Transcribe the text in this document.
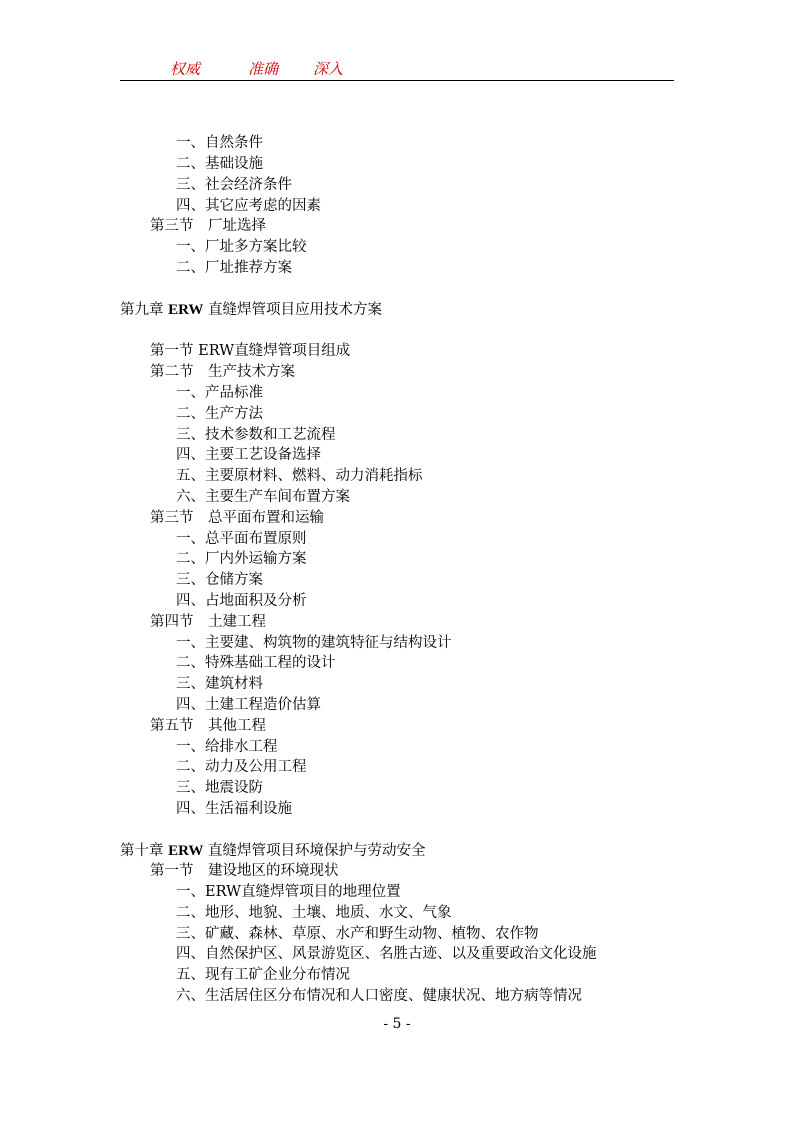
权威	准确 深入
一、自然条件
二、基础设施
三、社会经济条件
四、其它应考虑的因素
第三节　厂址选择
一、厂址多方案比较
二、厂址推荐方案
第九章 ERW 直缝焊管项目应用技术方案
第一节 ERW直缝焊管项目组成
第二节　生产技术方案
一、产品标准
二、生产方法
三、技术参数和工艺流程
四、主要工艺设备选择
五、主要原材料、燃料、动力消耗指标
六、主要生产车间布置方案
第三节　总平面布置和运输
一、总平面布置原则
二、厂内外运输方案
三、仓储方案
四、占地面积及分析
第四节　土建工程
一、主要建、构筑物的建筑特征与结构设计
二、特殊基础工程的设计
三、建筑材料
四、土建工程造价估算
第五节　其他工程
一、给排水工程
二、动力及公用工程
三、地震设防
四、生活福利设施
第十章 ERW 直缝焊管项目环境保护与劳动安全
第一节　建设地区的环境现状
一、ERW直缝焊管项目的地理位置
二、地形、地貌、土壤、地质、水文、气象
三、矿藏、森林、草原、水产和野生动物、植物、农作物
四、自然保护区、风景游览区、名胜古迹、以及重要政治文化设施
五、现有工矿企业分布情况
六、生活居住区分布情况和人口密度、健康状况、地方病等情况
- 5 -
